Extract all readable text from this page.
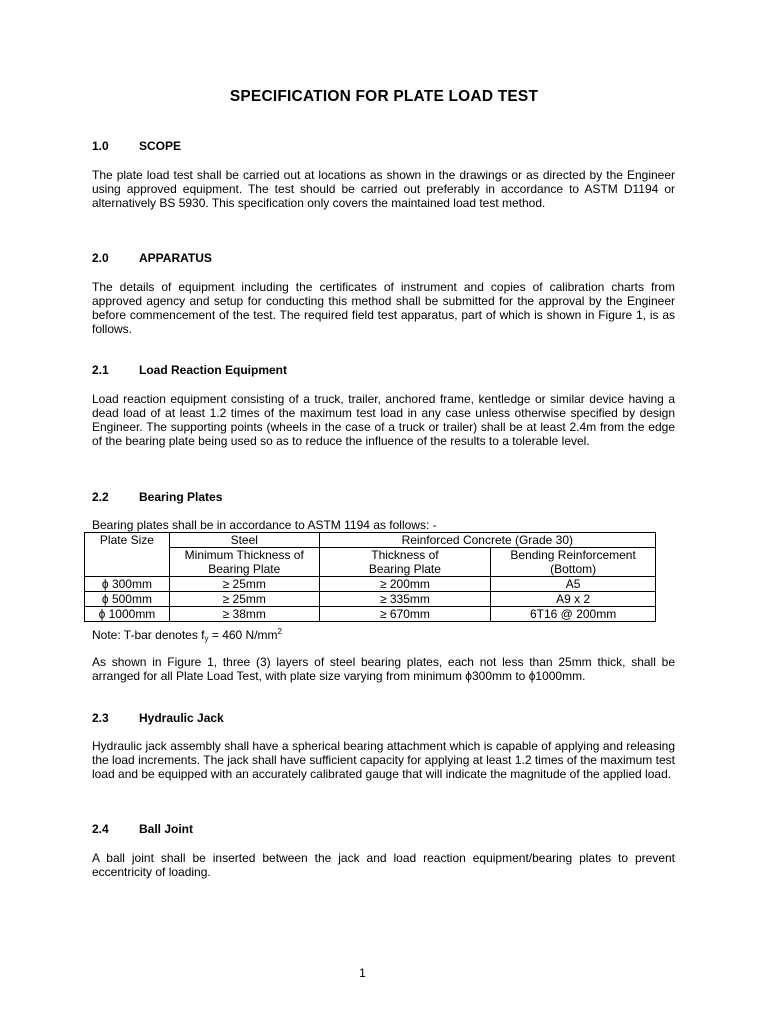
SPECIFICATION FOR PLATE LOAD TEST
1.0	SCOPE

The plate load test shall be carried out at locations as shown in the drawings or as directed by the Engineer using approved equipment. The test should be carried out preferably in accordance to ASTM D1194 or alternatively BS 5930. This specification only covers the maintained load test method.

2.0	APPARATUS

The details of equipment including the certificates of instrument and copies of calibration charts from approved agency and setup for conducting this method shall be submitted for the approval by the Engineer before commencement of the test. The required field test apparatus, part of which is shown in Figure 1, is as follows.

2.1	Load Reaction Equipment

Load reaction equipment consisting of a truck, trailer, anchored frame, kentledge or similar device having a dead load of at least 1.2 times of the maximum test load in any case unless otherwise specified by design Engineer. The supporting points (wheels in the case of a truck or trailer) shall be at least 2.4m from the edge of the bearing plate being used so as to reduce the influence of the results to a tolerable level.

2.2	Bearing Plates

Bearing plates shall be in accordance to ASTM 1194 as follows: -

Plate Size	Steel	Reinforced Concrete (Grade 30)	
	Minimum Thickness of	Thickness of	Bending Reinforcement
	Bearing Plate	Bearing Plate	(Bottom)
ϕ 300mm	≥ 25mm	≥ 200mm	A5
ϕ 500mm	≥ 25mm	≥ 335mm	A9 x 2
ϕ 1000mm	≥ 38mm	≥ 670mm	6T16 @ 200mm
Note: T-bar denotes $f_y = 460$ $N/mm^2$

As shown in Figure 1, three (3) layers of steel bearing plates, each not less than 25mm thick, shall be arranged for all Plate Load Test, with plate size varying from minimum ϕ300mm to ϕ1000mm.

2.3	Hydraulic Jack

Hydraulic jack assembly shall have a spherical bearing attachment which is capable of applying and releasing the load increments. The jack shall have sufficient capacity for applying at least 1.2 times of the maximum test load and be equipped with an accurately calibrated gauge that will indicate the magnitude of the applied load.

2.4	Ball Joint

A ball joint shall be inserted between the jack and load reaction equipment/bearing plates to prevent eccentricity of loading.

1
